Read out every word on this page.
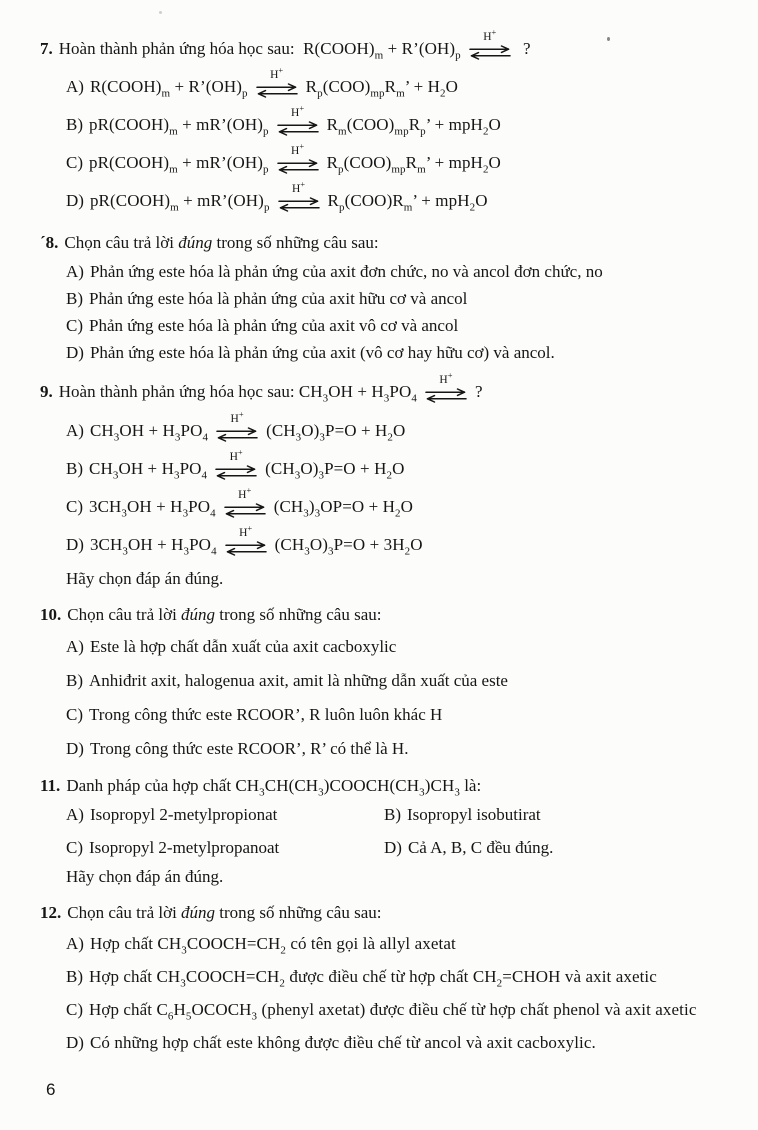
7. Hoàn thành phản ứng hóa học sau: $R(COOH)_m$ + $R’(OH)_p$
H+
?
A) $R(COOH)_m$ + $R’(OH)_p$
H+
$R_p(COO)_{mp}R_m$’ + $H_2O$
B) $pR(COOH)_m$ + $mR’(OH)_p$
H+
$R_m(COO)_{mp}R_p$’ + mpH$_2$O
C) $pR(COOH)_m$ + $mR’(OH)_p$
H+
$R_p(COO)_{mp}R_m$’ + mpH$_2$O
D) $pR(COOH)_m$ + $mR’(OH)_p$
H+
$R_p(COO)R_m$’ + mpH$_2$O
´8. Chọn câu trả lời đúng trong số những câu sau:
A) Phản ứng este hóa là phản ứng của axit đơn chức, no và ancol đơn chức, no
B) Phản ứng este hóa là phản ứng của axit hữu cơ và ancol
C) Phản ứng este hóa là phản ứng của axit vô cơ và ancol
D) Phản ứng este hóa là phản ứng của axit (vô cơ hay hữu cơ) và ancol.
9. Hoàn thành phản ứng hóa học sau: $CH_3OH + H_3PO_4$
H+
?
A) $CH_3OH + H_3PO_4$
H+
$(CH_3O)_3P=O + H_2O$
B) $CH_3OH + H_3PO_4$
H+
$(CH_3O)_3P=O + H_2O$
C) $3CH_3OH + H_3PO_4$
H+
$(CH_3)_3OP=O + H_2O$
D) $3CH_3OH + H_3PO_4$
H+
$(CH_3O)_3P=O + 3H_2O$
Hãy chọn đáp án đúng.
10. Chọn câu trả lời đúng trong số những câu sau:
A) Este là hợp chất dẫn xuất của axit cacboxylic
B) Anhiđrit axit, halogenua axit, amit là những dẫn xuất của este
C) Trong công thức este RCOOR’, R luôn luôn khác H
D) Trong công thức este RCOOR’, R’ có thể là H.
11. Danh pháp của hợp chất $CH_3CH(CH_3)COOCH(CH_3)CH_3$ là:
A) Isopropyl 2-metylpropionat	B) Isopropyl isobutirat
C) Isopropyl 2-metylpropanoat	D) Cả A, B, C đều đúng.
Hãy chọn đáp án đúng.
12. Chọn câu trả lời đúng trong số những câu sau:
A) Hợp chất $CH_3COOCH=CH_2$ có tên gọi là allyl axetat
B) Hợp chất $CH_3COOCH=CH_2$ được điều chế từ hợp chất $CH_2=CHOH$ và axit axetic
C) Hợp chất $C_6H_5OCOCH_3$ (phenyl axetat) được điều chế từ hợp chất phenol và axit axetic
D) Có những hợp chất este không được điều chế từ ancol và axit cacboxylic.
6
